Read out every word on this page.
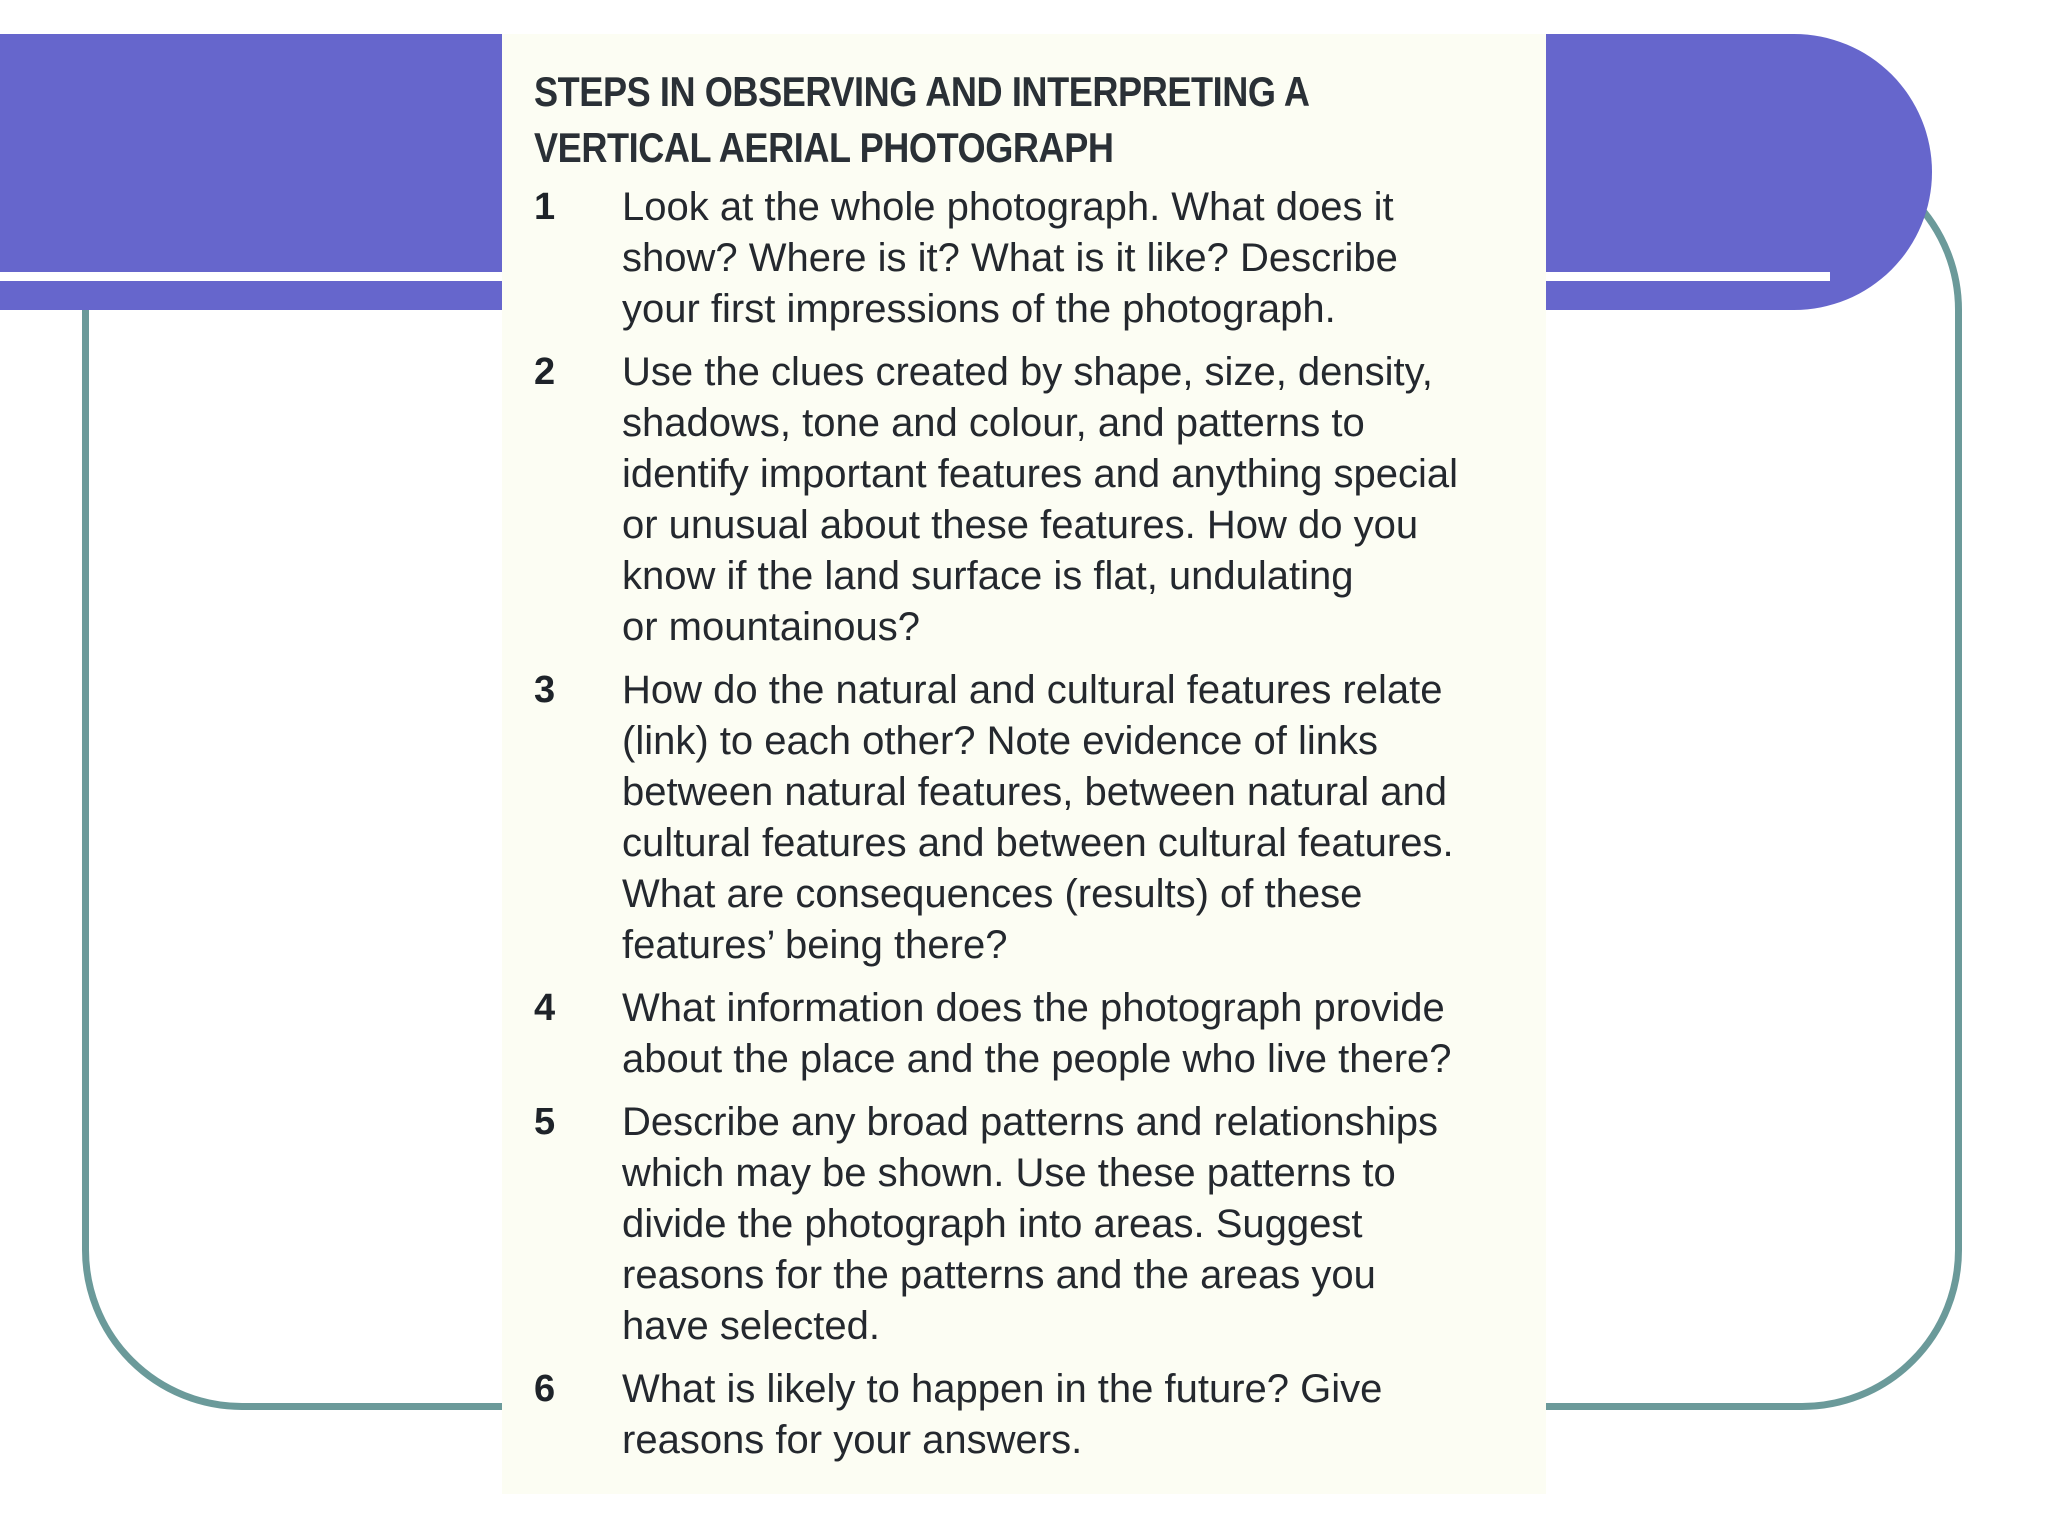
STEPS IN OBSERVING AND INTERPRETING A
VERTICAL AERIAL PHOTOGRAPH
1	Look at the whole photograph. What does it
show? Where is it? What is it like? Describe
your first impressions of the photograph.
2	Use the clues created by shape, size, density,
shadows, tone and colour, and patterns to
identify important features and anything special
or unusual about these features. How do you
know if the land surface is flat, undulating
or mountainous?
3	How do the natural and cultural features relate
(link) to each other? Note evidence of links
between natural features, between natural and
cultural features and between cultural features.
What are consequences (results) of these
features’ being there?
4	What information does the photograph provide
about the place and the people who live there?
5	Describe any broad patterns and relationships
which may be shown. Use these patterns to
divide the photograph into areas. Suggest
reasons for the patterns and the areas you
have selected.
6	What is likely to happen in the future? Give
reasons for your answers.
